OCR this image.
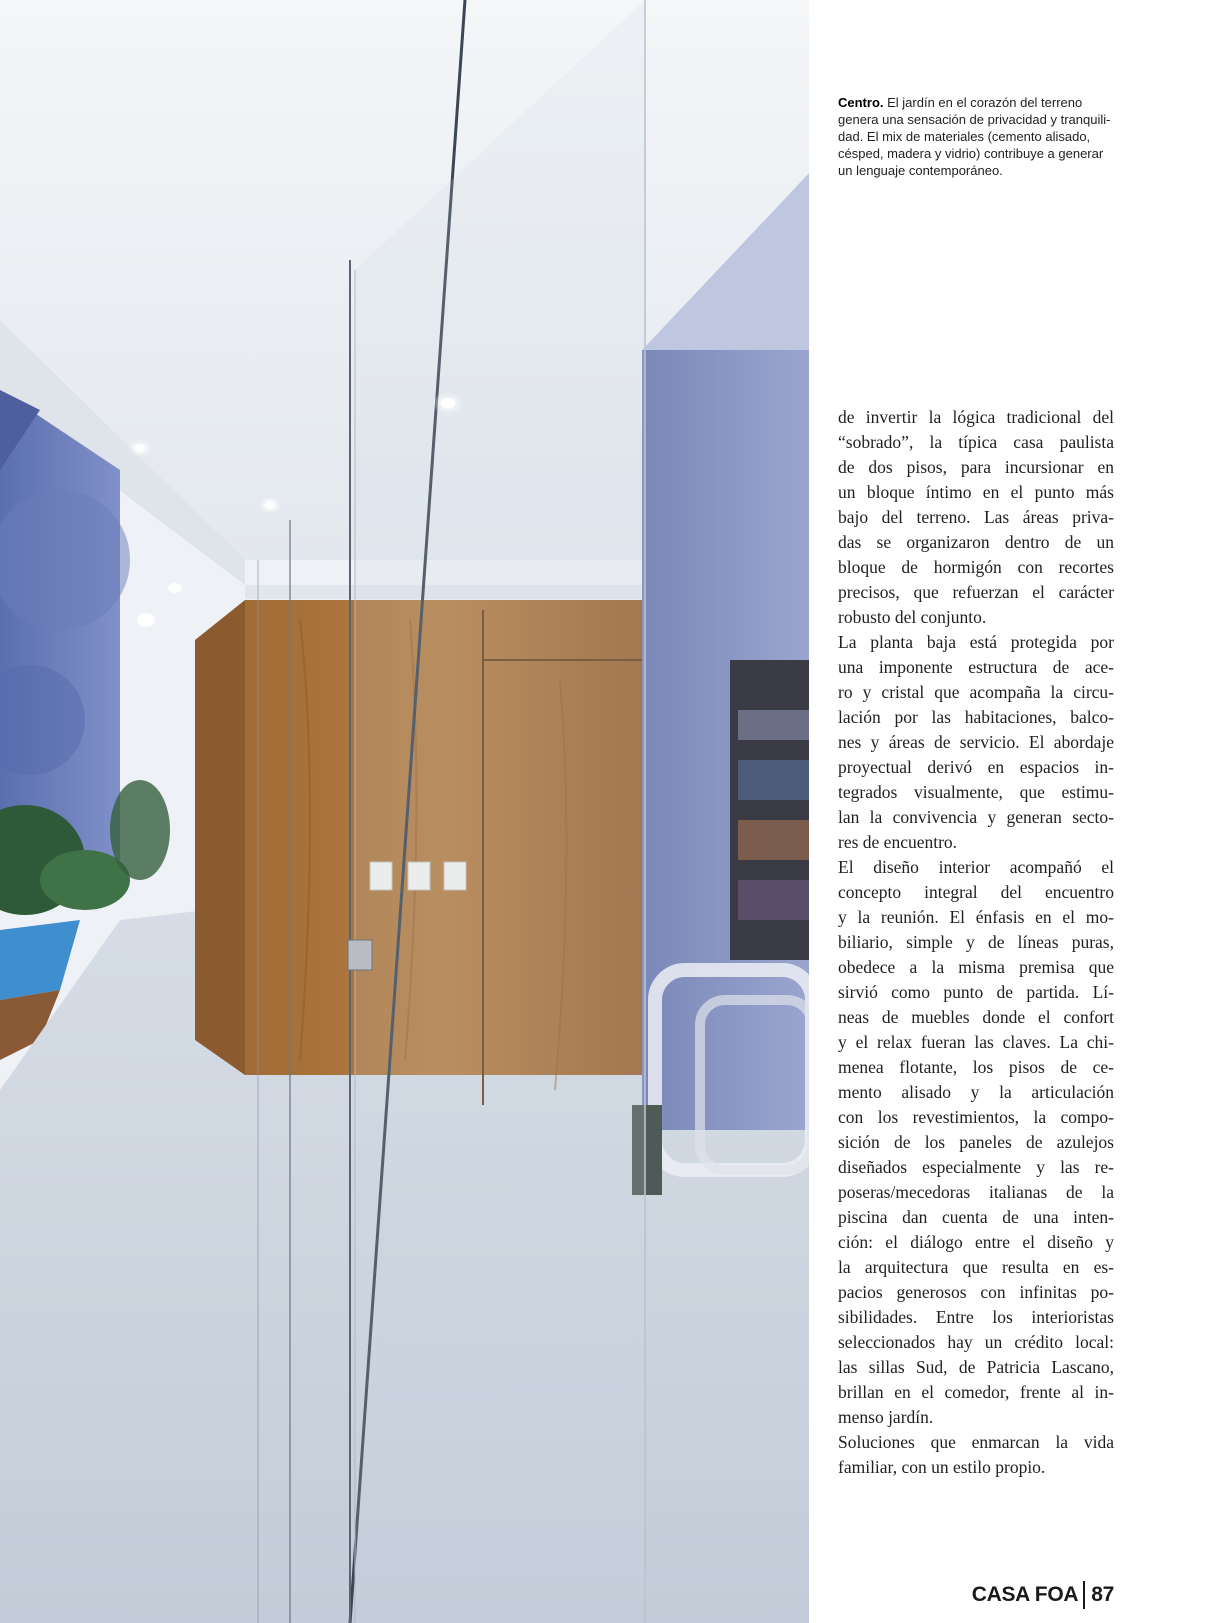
Centro. El jardín en el corazón del terreno
genera una sensación de privacidad y tranquili-
dad. El mix de materiales (cemento alisado,
césped, madera y vidrio) contribuye a generar
un lenguaje contemporáneo.

de invertir la lógica tradicional del
“sobrado”, la típica casa paulista
de dos pisos, para incursionar en
un bloque íntimo en el punto más
bajo del terreno. Las áreas priva-
das se organizaron dentro de un
bloque de hormigón con recortes
precisos, que refuerzan el carácter
robusto del conjunto.

La planta baja está protegida por
una imponente estructura de ace-
ro y cristal que acompaña la circu-
lación por las habitaciones, balco-
nes y áreas de servicio. El abordaje
proyectual derivó en espacios in-
tegrados visualmente, que estimu-
lan la convivencia y generan secto-
res de encuentro.

El diseño interior acompañó el
concepto integral del encuentro
y la reunión. El énfasis en el mo-
biliario, simple y de líneas puras,
obedece a la misma premisa que
sirvió como punto de partida. Lí-
neas de muebles donde el confort
y el relax fueran las claves. La chi-
menea flotante, los pisos de ce-
mento alisado y la articulación
con los revestimientos, la compo-
sición de los paneles de azulejos
diseñados especialmente y las re-
poseras/mecedoras italianas de la
piscina dan cuenta de una inten-
ción: el diálogo entre el diseño y
la arquitectura que resulta en es-
pacios generosos con infinitas po-
sibilidades. Entre los interioristas
seleccionados hay un crédito local:
las sillas Sud, de Patricia Lascano,
brillan en el comedor, frente al in-
menso jardín.

Soluciones que enmarcan la vida
familiar, con un estilo propio.

CASA FOA 87
